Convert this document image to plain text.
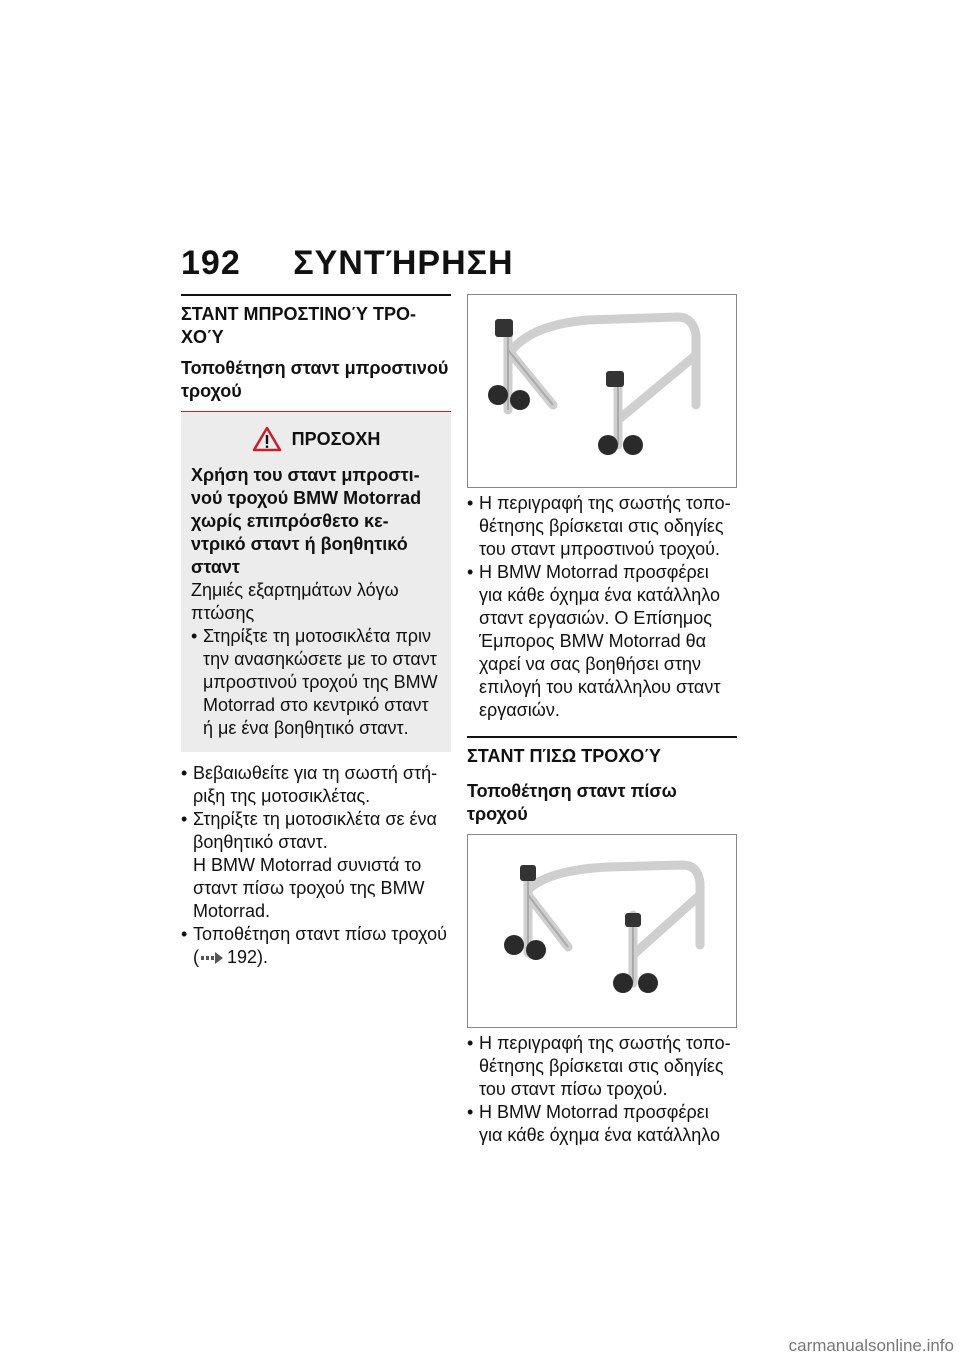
192 ΣΥΝΤΉΡΗΣΗ
ΣΤΑΝΤ ΜΠΡΟΣΤΙΝΟΎ ΤΡΟ-ΧΟΎ
Τοποθέτηση σταντ μπροστινού τροχού
ΠΡΟΣΟΧΗ
Χρήση του σταντ μπροστι-νού τροχού BMW Motorrad χωρίς επιπρόσθετο κε-ντρικό σταντ ή βοηθητικό σταντ
Ζημιές εξαρτημάτων λόγω πτώσης
• Στηρίξτε τη μοτοσικλέτα πριν την ανασηκώσετε με το σταντ μπροστινού τροχού της BMW Motorrad στο κεντρικό σταντ ή με ένα βοηθητικό σταντ.
• Βεβαιωθείτε για τη σωστή στή-ριξη της μοτοσικλέτας.
• Στηρίξτε τη μοτοσικλέτα σε ένα βοηθητικό σταντ.
Η BMW Motorrad συνιστά το σταντ πίσω τροχού της BMW Motorrad.
• Τοποθέτηση σταντ πίσω τροχού
( 192).
• Η περιγραφή της σωστής τοπο-θέτησης βρίσκεται στις οδηγίες του σταντ μπροστινού τροχού.
• Η BMW Motorrad προσφέρει για κάθε όχημα ένα κατάλληλο σταντ εργασιών. Ο Επίσημος Έμπορος BMW Motorrad θα χαρεί να σας βοηθήσει στην επιλογή του κατάλληλου σταντ εργασιών.
ΣΤΑΝΤ ΠΊΣΩ ΤΡΟΧΟΎ
Τοποθέτηση σταντ πίσω τροχού
• Η περιγραφή της σωστής τοπο-θέτησης βρίσκεται στις οδηγίες του σταντ πίσω τροχού.
• Η BMW Motorrad προσφέρει για κάθε όχημα ένα κατάλληλο
carmanualsonline.info
